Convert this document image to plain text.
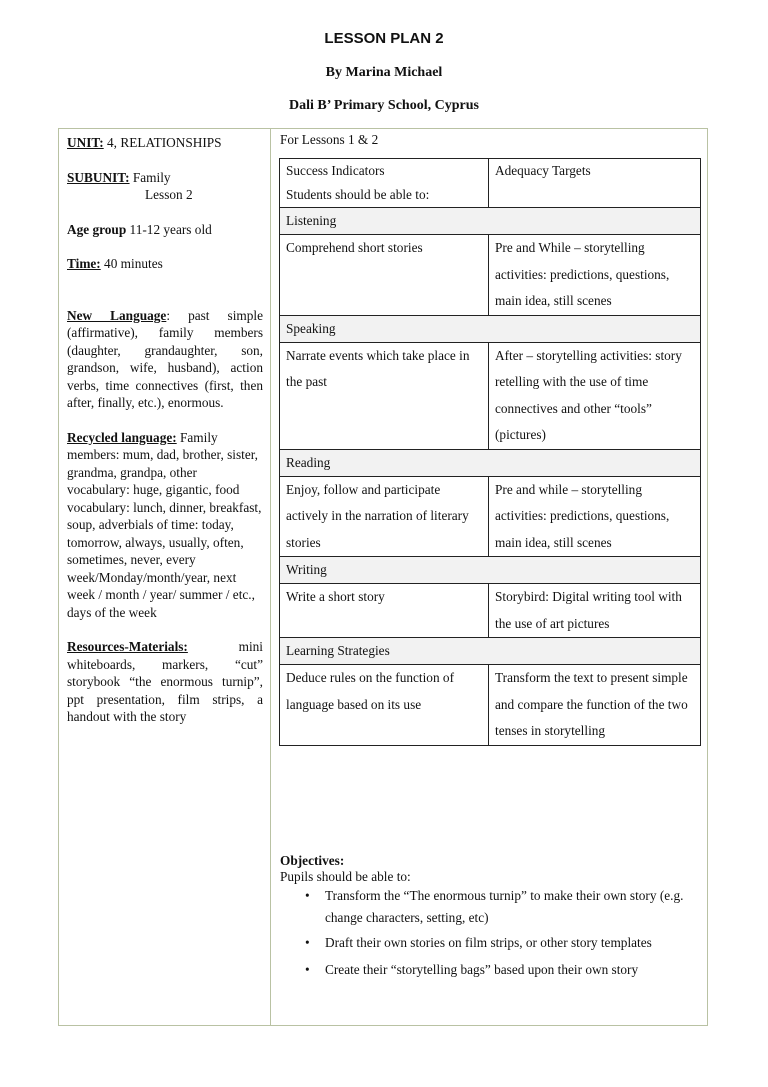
LESSON PLAN 2
By Marina Michael
Dali B’ Primary School, Cyprus

UNIT: 4, RELATIONSHIPS

SUBUNIT: Family

Lesson 2

Age group 11-12 years old

Time: 40 minutes

New Language: past simple (affirmative), family members (daughter, grandaughter, son, grandson, wife, husband), action verbs, time connectives (first, then after, finally, etc.), enormous.

Recycled language: Family members: mum, dad, brother, sister, grandma, grandpa, other vocabulary: huge, gigantic, food vocabulary: lunch, dinner, breakfast, soup, adverbials of time: today, tomorrow, always, usually, often, sometimes, never, every week/Monday/month/year, next week / month / year/ summer / etc., days of the week

Resources-Materials: mini whiteboards, markers, “cut” storybook “the enormous turnip”, ppt presentation, film strips, a handout with the story

For Lessons 1 & 2
Success Indicators
Students should be able to:	Adequacy Targets
Listening	
Comprehend short stories	Pre and While – storytelling activities: predictions, questions, main idea, still scenes
Speaking	
Narrate events which take place in the past	After – storytelling activities: story retelling with the use of time connectives and other “tools” (pictures)
Reading	
Enjoy, follow and participate actively in the narration of literary stories	Pre and while – storytelling activities: predictions, questions, main idea, still scenes
Writing	
Write a short story	Storybird: Digital writing tool with the use of art pictures
Learning Strategies	
Deduce rules on the function of language based on its use	Transform the text to present simple and compare the function of the two tenses in storytelling
Objectives:
Pupils should be able to:
• Transform the “The enormous turnip” to make their own story (e.g. change characters, setting, etc)
• Draft their own stories on film strips, or other story templates
• Create their “storytelling bags” based upon their own story
